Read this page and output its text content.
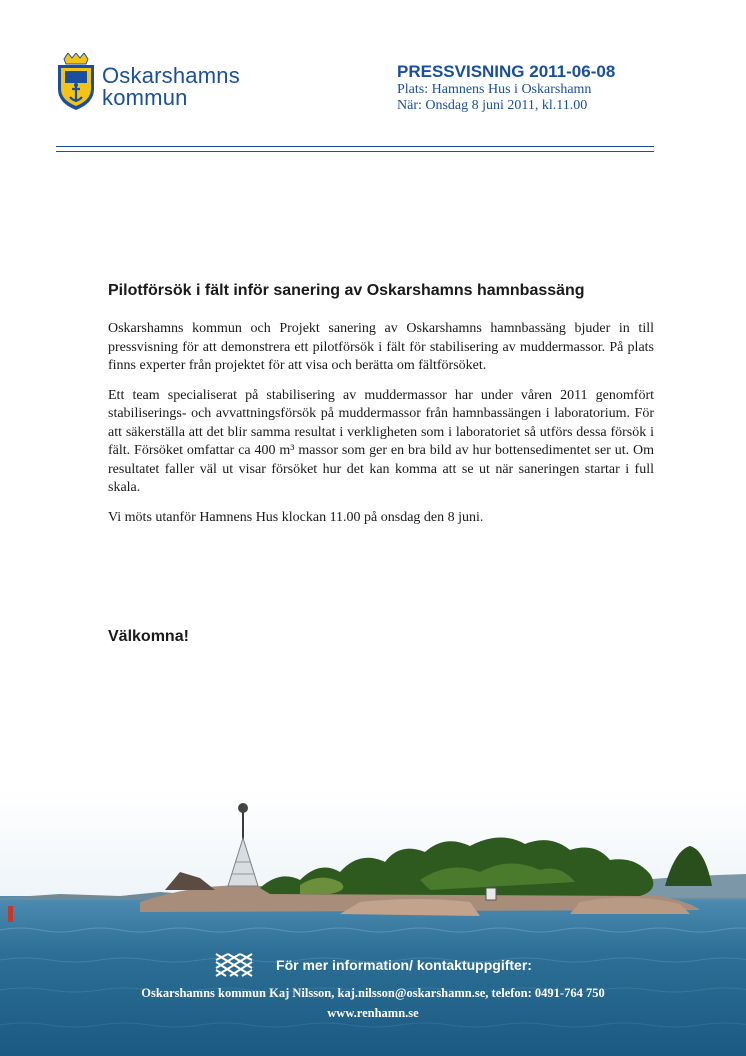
Oskarshamns
kommun
PRESSVISNING 2011-06-08
Plats: Hamnens Hus i Oskarshamn
När: Onsdag 8 juni 2011, kl.11.00
Pilotförsök i fält inför sanering av Oskarshamns hamnbassäng

Oskarshamns kommun och Projekt sanering av Oskarshamns hamnbassäng bjuder in till pressvisning för att demonstrera ett pilotförsök i fält för stabilisering av muddermassor. På plats finns experter från projektet för att visa och berätta om fältförsöket.

Ett team specialiserat på stabilisering av muddermassor har under våren 2011 genomfört stabiliserings- och avvattningsförsök på muddermassor från hamnbassängen i laboratorium. För att säkerställa att det blir samma resultat i verkligheten som i laboratoriet så utförs dessa försök i fält. Försöket omfattar ca 400 m³ massor som ger en bra bild av hur bottensedimentet ser ut. Om resultatet faller väl ut visar försöket hur det kan komma att se ut när saneringen startar i full skala.

Vi möts utanför Hamnens Hus klockan 11.00 på onsdag den 8 juni.

Välkomna!
För mer information/ kontaktuppgifter:
Oskarshamns kommun Kaj Nilsson, kaj.nilsson@oskarshamn.se, telefon: 0491-764 750
www.renhamn.se
